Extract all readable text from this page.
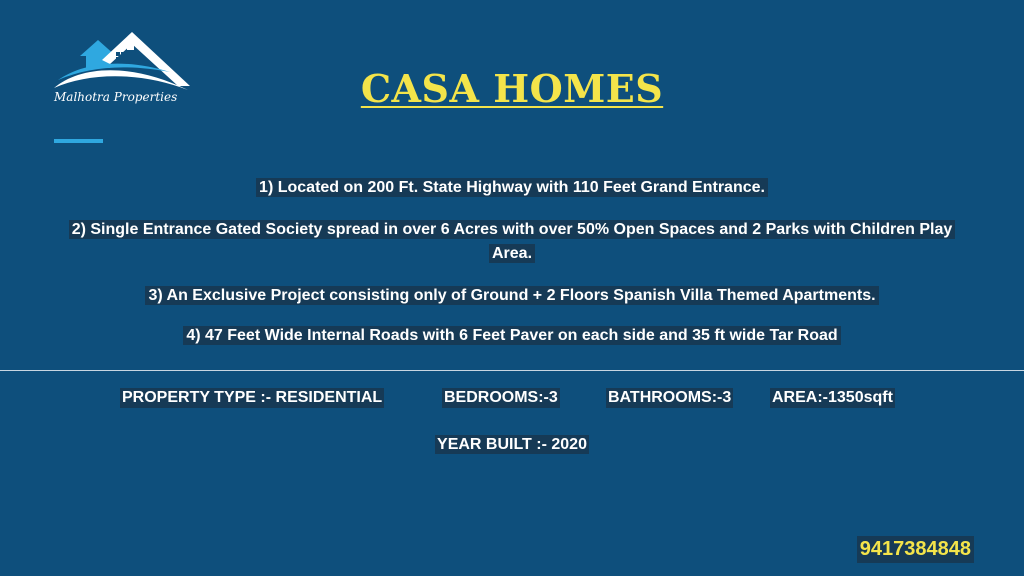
Malhotra Properties	CASA HOMES
1) Located on 200 Ft. State Highway with 110 Feet Grand Entrance.
2) Single Entrance Gated Society spread in over 6 Acres with over 50% Open Spaces and 2 Parks with Children Play Area.
3) An Exclusive Project consisting only of Ground + 2 Floors Spanish Villa Themed Apartments.
4) 47 Feet Wide Internal Roads with 6 Feet Paver on each side and 35 ft wide Tar Road
PROPERTY TYPE :- RESIDENTIAL	BEDROOMS:-3	BATHROOMS:-3	AREA:-1350sqft
YEAR BUILT :- 2020
9417384848
